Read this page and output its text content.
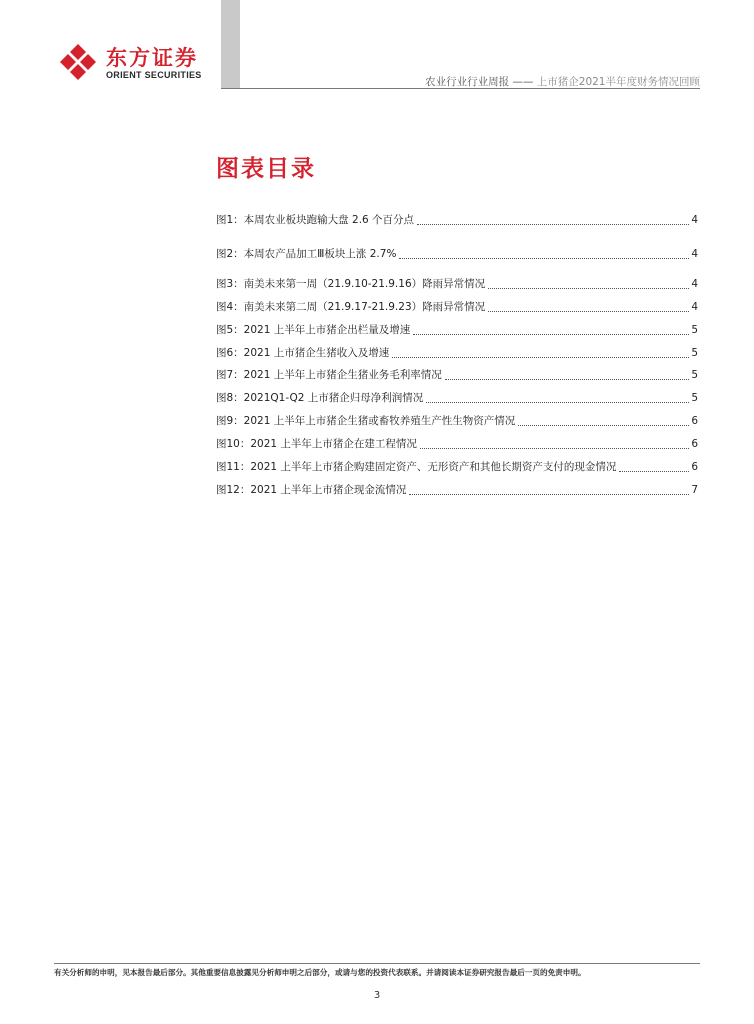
东方证券
ORIENT SECURITIES
农业行业行业周报 —— 上市猪企2021半年度财务情况回顾
图表目录
图1：本周农业板块跑输大盘 2.6 个百分点	4
图2：本周农产品加工Ⅲ板块上涨 2.7%	4
图3：南美未来第一周（21.9.10-21.9.16）降雨异常情况	4
图4：南美未来第二周（21.9.17-21.9.23）降雨异常情况	4
图5：2021 上半年上市猪企出栏量及增速	5
图6：2021 上市猪企生猪收入及增速	5
图7：2021 上半年上市猪企生猪业务毛利率情况	5
图8：2021Q1-Q2 上市猪企归母净利润情况	5
图9：2021 上半年上市猪企生猪或畜牧养殖生产性生物资产情况	6
图10：2021 上半年上市猪企在建工程情况	6
图11：2021 上半年上市猪企购建固定资产、无形资产和其他长期资产支付的现金情况	6
图12：2021 上半年上市猪企现金流情况	7
有关分析师的申明，见本报告最后部分。其他重要信息披露见分析师申明之后部分，或请与您的投资代表联系。并请阅读本证券研究报告最后一页的免责申明。
3
